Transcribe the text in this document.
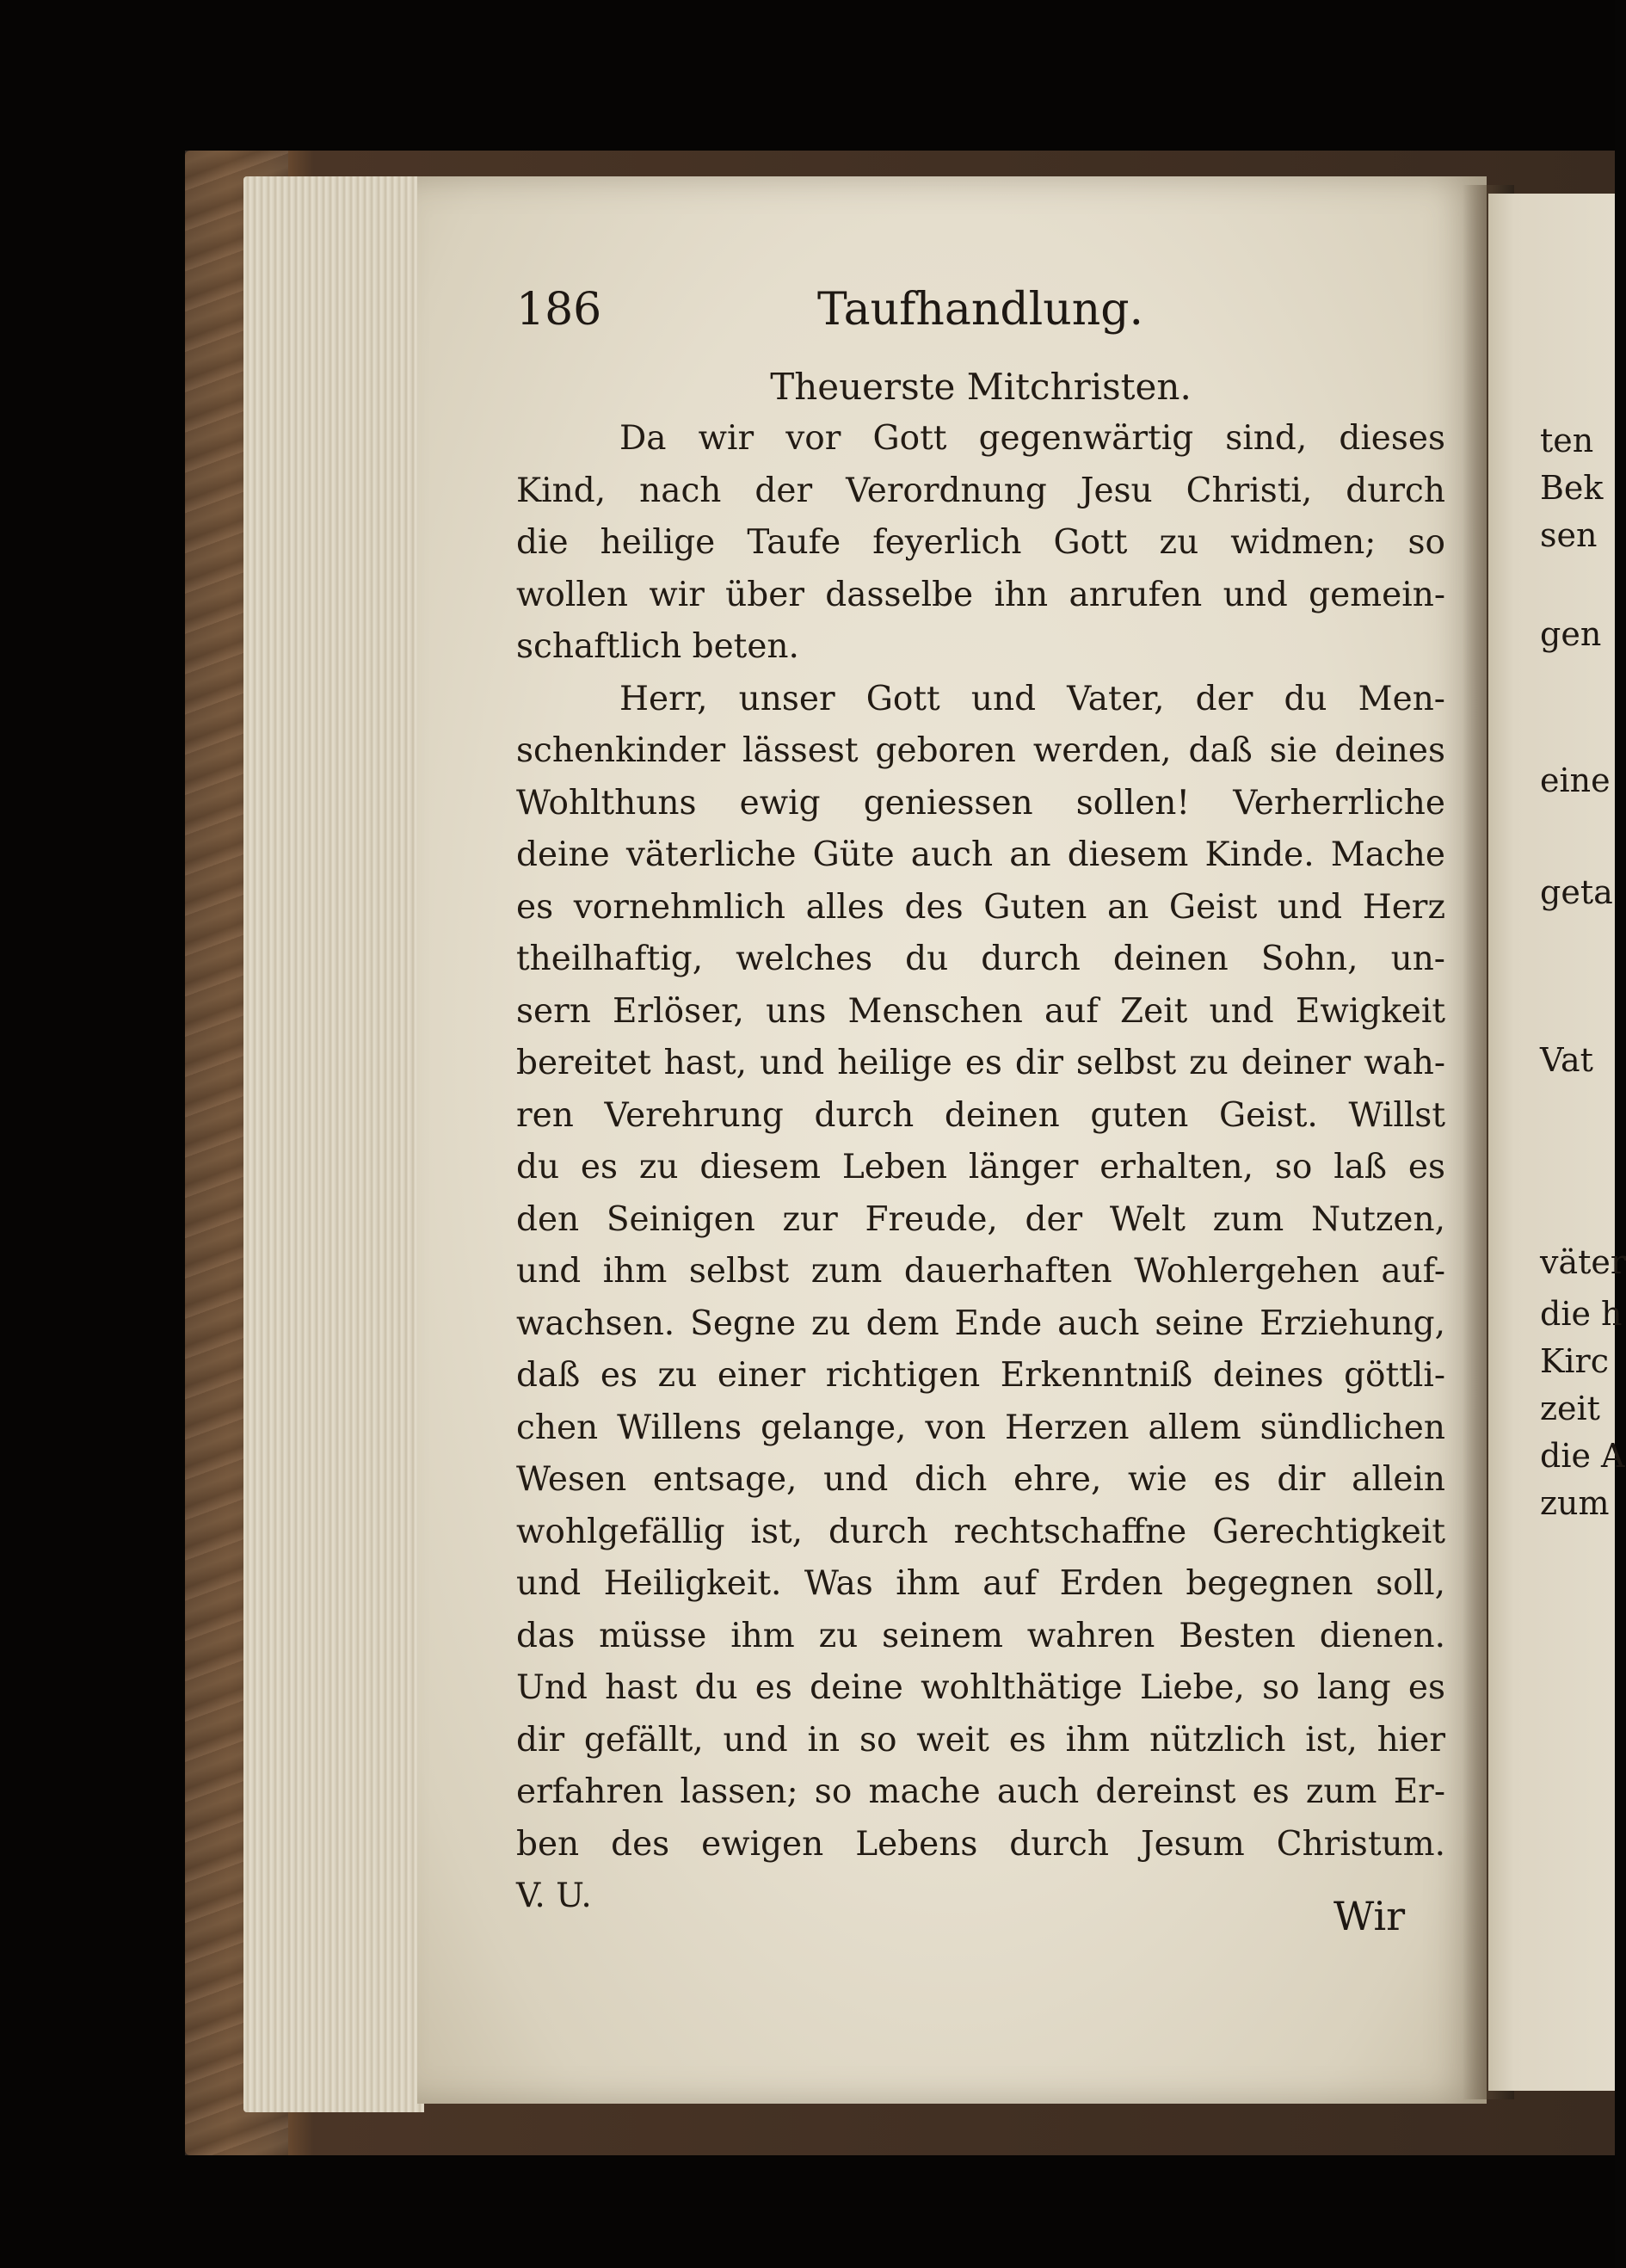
186	Taufhandlung.
Theuerste Mitchristen.
Da wir vor Gott gegenwärtig sind, dieses
Kind, nach der Verordnung Jesu Christi, durch
die heilige Taufe feyerlich Gott zu widmen; so
wollen wir über dasselbe ihn anrufen und gemein-
schaftlich beten.
Herr, unser Gott und Vater, der du Men-
schenkinder lässest geboren werden, daß sie deines
Wohlthuns ewig geniessen sollen! Verherrliche
deine väterliche Güte auch an diesem Kinde. Mache
es vornehmlich alles des Guten an Geist und Herz
theilhaftig, welches du durch deinen Sohn, un-
sern Erlöser, uns Menschen auf Zeit und Ewigkeit
bereitet hast, und heilige es dir selbst zu deiner wah-
ren Verehrung durch deinen guten Geist. Willst
du es zu diesem Leben länger erhalten, so laß es
den Seinigen zur Freude, der Welt zum Nutzen,
und ihm selbst zum dauerhaften Wohlergehen auf-
wachsen. Segne zu dem Ende auch seine Erziehung,
daß es zu einer richtigen Erkenntniß deines göttli-
chen Willens gelange, von Herzen allem sündlichen
Wesen entsage, und dich ehre, wie es dir allein
wohlgefällig ist, durch rechtschaffne Gerechtigkeit
und Heiligkeit. Was ihm auf Erden begegnen soll,
das müsse ihm zu seinem wahren Besten dienen.
Und hast du es deine wohlthätige Liebe, so lang es
dir gefällt, und in so weit es ihm nützlich ist, hier
erfahren lassen; so mache auch dereinst es zum Er-
ben des ewigen Lebens durch Jesum Christum.
V. U.	Wir
ten
Bek
sen
gen
eine
geta
Vat
väter
die h
Kirc
zeit
die A
zum
